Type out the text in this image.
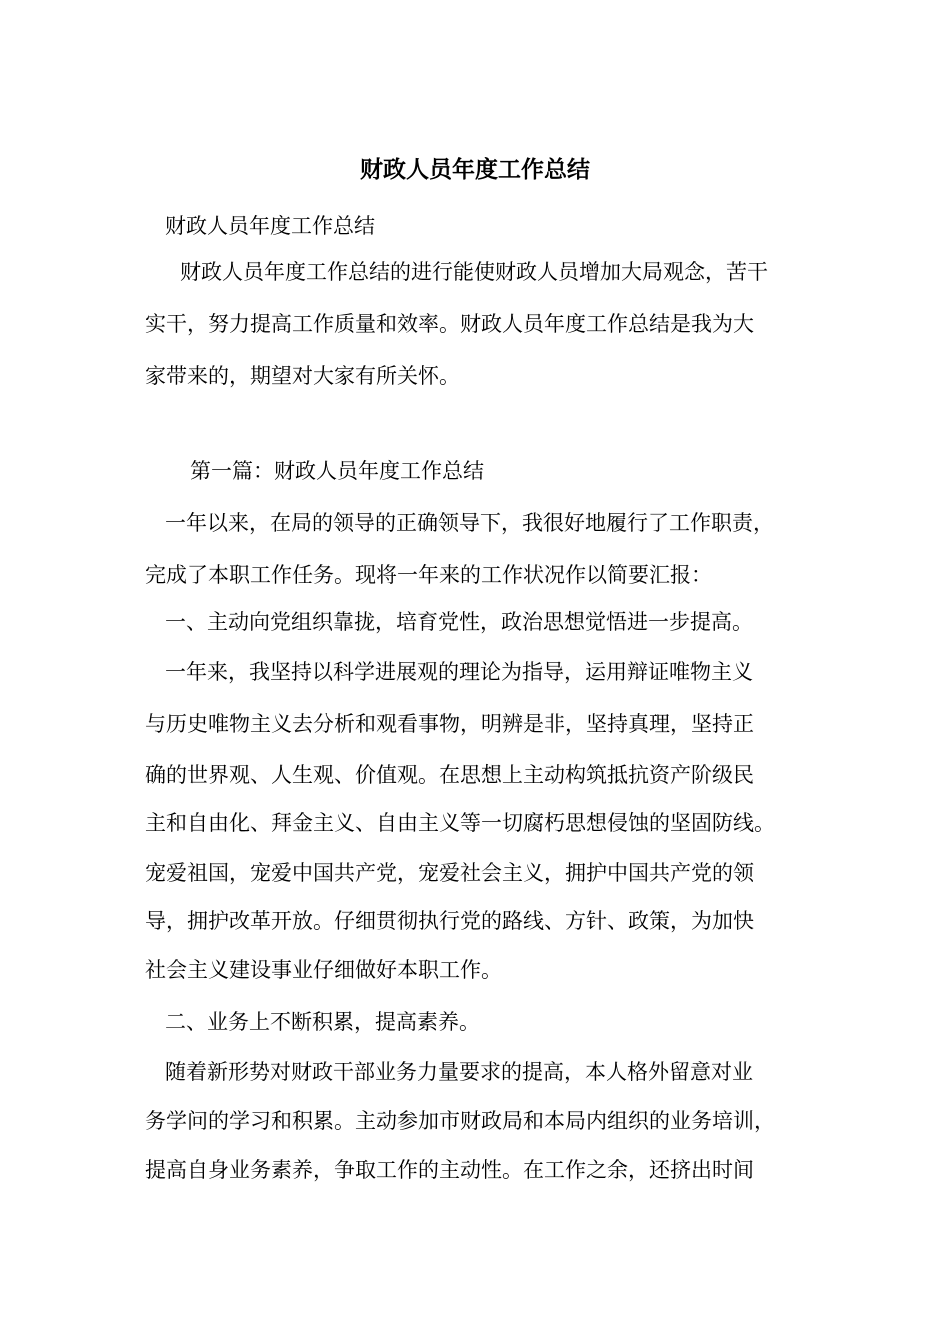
财政人员年度工作总结
财政人员年度工作总结
财政人员年度工作总结的进行能使财政人员增加大局观念，苦干
实干，努力提高工作质量和效率。财政人员年度工作总结是我为大
家带来的，期望对大家有所关怀。
第一篇：财政人员年度工作总结
一年以来，在局的领导的正确领导下，我很好地履行了工作职责，
完成了本职工作任务。现将一年来的工作状况作以简要汇报：
一、主动向党组织靠拢，培育党性，政治思想觉悟进一步提高。
一年来，我坚持以科学进展观的理论为指导，运用辩证唯物主义
与历史唯物主义去分析和观看事物，明辨是非，坚持真理，坚持正
确的世界观、人生观、价值观。在思想上主动构筑抵抗资产阶级民
主和自由化、拜金主义、自由主义等一切腐朽思想侵蚀的坚固防线。
宠爱祖国，宠爱中国共产党，宠爱社会主义，拥护中国共产党的领
导，拥护改革开放。仔细贯彻执行党的路线、方针、政策，为加快
社会主义建设事业仔细做好本职工作。
二、业务上不断积累，提高素养。
随着新形势对财政干部业务力量要求的提高，本人格外留意对业
务学问的学习和积累。主动参加市财政局和本局内组织的业务培训，
提高自身业务素养，争取工作的主动性。在工作之余，还挤出时间
